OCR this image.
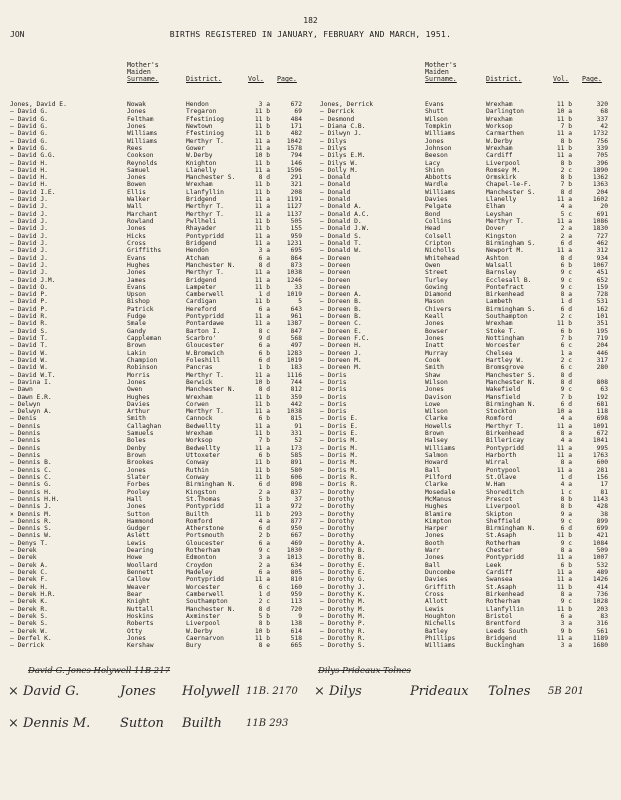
182
JON	BIRTHS REGISTERED IN JANUARY, FEBRUARY AND MARCH, 1951.
Mother's
Maiden
Surname.	District.	Vol. Page.
Mother's
Maiden
Surname.	District.	Vol. Page.
Jones, David E.	Nowak	Hendon	3 a	672
— David G.	Jones	Tregaron	11 b	69
— David G.	Feltham	Ffestiniog	11 b	484
— David G.	Jones	Newtown	11 b	171
— David G.	Williams	Ffestiniog	11 b	482
— David G.	Williams	Merthyr T.	11 a	1042
× David G.	Rees	Gower	11 a	1578
— David G.G.	Cookson	W.Derby	10 b	794
— David H.	Reynolds	Knighton	11 b	146
— David H.	Samuel	Llanelly	11 a	1596
— David H.	Jones	Manchester S.	8 d	291
— David H.	Bowen	Wrexham	11 b	321
— David I.E.	Ellis	Llanfyllin	11 b	208
— David J.	Walker	Bridgend	11 a	1191
— David J.	Wall	Merthyr T.	11 a	1127
— David J.	Marchant	Merthyr T.	11 a	1137
— David J.	Rowland	Pwllheli	11 b	505
— David J.	Jones	Rhayader	11 b	155
— David J.	Hicks	Pontypridd	11 a	959
— David J.	Cross	Bridgend	11 a	1231
— David J.	Griffiths	Hendon	3 a	695
— David J.	Evans	Atcham	6 a	864
— David J.	Hughes	Manchester N.	8 d	873
— David J.	Jones	Merthyr T.	11 a	1038
— David J.M.	James	Bridgend	11 a	1246
— David O.	Evans	Lampeter	11 b	33
— David P.	Upson	Camberwell	1 d	1019
— David P.	Bishop	Cardigan	11 b	5
— David P.	Patrick	Hereford	6 a	643
— David R.	Fudge	Pontypridd	11 a	961
— David R.	Smale	Pontardawe	11 a	1387
— David S.	Gandy	Barton I.	8 c	847
— David T.	Cappleman	Scarbro'	9 d	568
— David T.	Brown	Gloucester	6 a	497
— David W.	Lakin	W.Bromwich	6 b	1283
— David W.	Champion	Foleshill	6 d	1019
— David W.	Robinson	Pancras	1 b	183
— David W.T.	Morris	Merthyr T.	11 a	1116
— Davina I.	Jones	Berwick	10 b	744
— Dawn	Owen	Manchester N.	8 d	812
— Dawn E.R.	Hughes	Wrexham	11 b	359
— Delwyn	Davies	Corwen	11 b	442
— Delwyn A.	Arthur	Merthyr T.	11 a	1038
— Denis	Smith	Cannock	6 b	815
— Dennis	Callaghan	Bedwellty	11 a	91
— Dennis	Samuels	Wrexham	11 b	331
— Dennis	Boles	Worksop	7 b	52
— Dennis	Denby	Bedwellty	11 a	173
— Dennis	Brown	Uttoxeter	6 b	585
— Dennis B.	Brookes	Conway	11 b	891
— Dennis C.	Jones	Ruthin	11 b	580
— Dennis C.	Slater	Conway	11 b	606
— Dennis G.	Forbes	Birmingham N.	6 d	898
— Dennis H.	Pooley	Kingston	2 a	837
— Dennis H.H.	Hall	St.Thomas	5 b	37
— Dennis J.	Jones	Pontypridd	11 a	972
× Dennis M.	Sutton	Builth	11 b	293
— Dennis R.	Hammond	Romford	4 a	877
— Dennis S.	Gudger	Atherstone	6 d	950
— Dennis W.	Aslett	Portsmouth	2 b	667
— Denys T.	Lewis	Gloucester	6 a	469
— Derek	Dearing	Rotherham	9 c	1030
— Derek	Howe	Edmonton	3 a	1013
— Derek A.	Woollard	Croydon	2 a	634
— Derek C.	Bennett	Madeley	6 a	805
— Derek F.	Callow	Pontypridd	11 a	810
— Derek H.	Weaver	Worcester	6 c	160
— Derek H.R.	Bear	Camberwell	1 d	959
— Derek K.	Knight	Southampton	2 c	113
— Derek R.	Nuttall	Manchester N.	8 d	720
— Derek S.	Hoskins	Axminster	5 b	9
— Derek S.	Roberts	Liverpool	8 b	138
— Derek W.	Otty	W.Derby	10 b	614
— Derfel K.	Jones	Caernarvon	11 b	518
— Derrick	Kershaw	Bury	8 e	665
Jones, Derrick	Evans	Wrexham	11 b	320
— Derrick	Shutt	Darlington	10 a	68
— Desmond	Wilson	Wrexham	11 b	337
— Diana C.B.	Tompkin	Worksop	7 b	42
— Dilwyn J.	Williams	Carmarthen	11 a	1732
— Dilys	Jones	W.Derby	8 b	756
— Dilys	Johnson	Wrexham	11 b	339
— Dilys E.M.	Beeson	Cardiff	11 a	705
— Dilys W.	Lacy	Liverpool	8 b	396
— Dolly M.	Shinn	Romsey M.	2 c	1890
— Donald	Abbotts	Ormskirk	8 b	1362
— Donald	Wardle	Chapel-le-F.	7 b	1363
— Donald	Williams	Manchester S.	8 d	204
— Donald	Davies	Llanelly	11 a	1602
— Donald A.	Pelgate	Elham	4 a	20
— Donald A.C.	Bond	Leyshan	5 c	691
— Donald D.	Collins	Merthyr T.	11 a	1086
— Donald J.W.	Head	Dover	2 a	1830
— Donald S.	Colsell	Kingston	2 a	727
— Donald T.	Cripton	Birmingham S.	6 d	462
— Donald W.	Nicholls	Newport M.	11 a	312
— Doreen	Whitehead	Ashton	8 d	934
— Doreen	Owen	Walsall	6 b	1067
— Doreen	Street	Barnsley	9 c	451
— Doreen	Turley	Ecclesall B.	9 c	652
— Doreen	Gowing	Pontefract	9 c	159
— Doreen A.	Diamond	Birkenhead	8 a	728
— Doreen B.	Mason	Lambeth	1 d	531
— Doreen B.	Chivers	Birmingham S.	6 d	162
— Doreen B.	Keall	Southampton	2 c	101
— Doreen C.	Jones	Wrexham	11 b	351
— Doreen E.	Bowser	Stoke T.	6 b	195
— Doreen F.C.	Jones	Nottingham	7 b	719
— Doreen H.	Inatt	Worcester	6 c	204
— Doreen J.	Murray	Chelsea	1 a	446
— Doreen M.	Cook	Hartley W.	2 c	317
— Doreen M.	Smith	Bromsgrove	6 c	280
— Doris	Shaw	Manchester S.	8 d
— Doris	Wilson	Manchester N.	8 d	808
— Doris	Jones	Wakefield	9 c	63
— Doris	Davison	Mansfield	7 b	192
— Doris	Lowe	Birmingham N.	6 d	681
— Doris	Wilson	Stockton	10 a	118
— Doris E.	Clarke	Romford	4 a	698
— Doris E.	Howells	Merthyr T.	11 a	1091
— Doris E.	Brown	Birkenhead	8 a	672
— Doris M.	Halsey	Billericay	4 a	1041
— Doris M.	Williams	Pontypridd	11 a	995
— Doris M.	Salmon	Harborth	11 a	1763
— Doris M.	Howard	Wirral	8 a	600
— Doris M.	Ball	Pontypool	11 a	281
— Doris R.	Pilford	St.Olave	1 d	156
— Doris R.	Clarke	W.Ham	4 a	17
— Dorothy	Mosedale	Shoreditch	1 c	81
— Dorothy	McManus	Prescot	8 b	1143
— Dorothy	Hughes	Liverpool	8 b	428
— Dorothy	Blamire	Skipton	9 a	38
— Dorothy	Kimpton	Sheffield	9 c	899
— Dorothy	Harper	Birmingham N.	6 d	699
— Dorothy	Jones	St.Asaph	11 b	421
— Dorothy A.	Booth	Rotherham	9 c	1084
— Dorothy B.	Warr	Chester	8 a	509
— Dorothy B.	Jones	Pontypridd	11 a	1007
— Dorothy E.	Ball	Leek	6 b	532
— Dorothy E.	Duncombe	Cardiff	11 a	489
— Dorothy G.	Davies	Swansea	11 a	1426
— Dorothy J.	Griffith	St.Asaph	11 b	414
— Dorothy K.	Cross	Birkenhead	8 a	736
— Dorothy M.	Allott	Rotherham	9 c	1028
— Dorothy M.	Lewis	Llanfyllin	11 b	203
— Dorothy M.	Houghton	Bristol	6 a	83
— Dorothy P.	Nichells	Brentford	3 a	316
— Dorothy R.	Batley	Leeds South	9 b	561
— Dorothy R.	Phillips	Bridgend	11 a	1189
— Dorothy S.	Williams	Buckingham	3 a	1680
David G. Jones Holywell 11B 217	Dilys Prideaux Tolnes
× David G.	Jones Holywell 11B. 2170 × Dilys	Prideaux Tolnes 5B 201
× Dennis M. Sutton Builth 11B 293
